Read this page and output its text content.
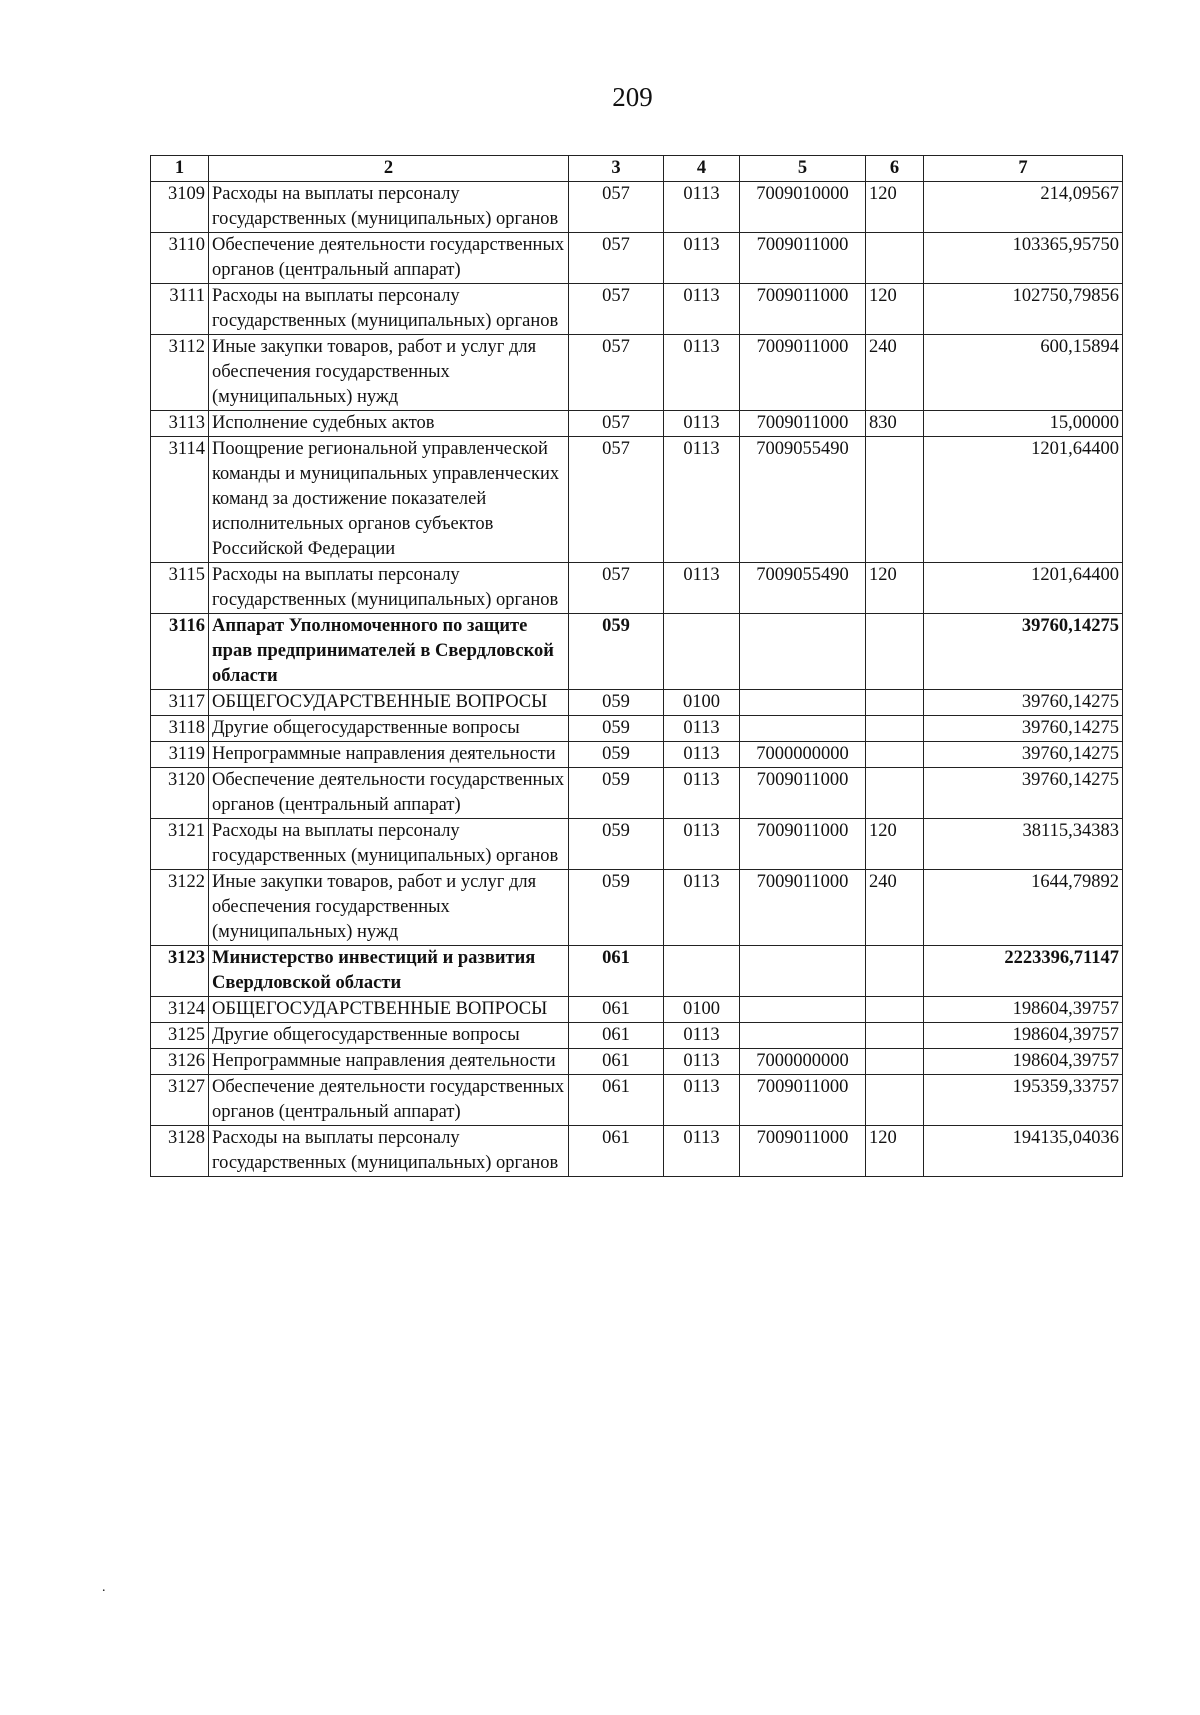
209
1	2	3	4	5	6	7
3109	Расходы на выплаты персоналу государственных (муниципальных) органов	057	0113	7009010000	120	214,09567
3110	Обеспечение деятельности государственных органов (центральный аппарат)	057	0113	7009011000		103365,95750
3111	Расходы на выплаты персоналу государственных (муниципальных) органов	057	0113	7009011000	120	102750,79856
3112	Иные закупки товаров, работ и услуг для обеспечения государственных (муниципальных) нужд	057	0113	7009011000	240	600,15894
3113	Исполнение судебных актов	057	0113	7009011000	830	15,00000
3114	Поощрение региональной управленческой команды и муниципальных управленческих команд за достижение показателей исполнительных органов субъектов Российской Федерации	057	0113	7009055490		1201,64400
3115	Расходы на выплаты персоналу государственных (муниципальных) органов	057	0113	7009055490	120	1201,64400
3116	Аппарат Уполномоченного по защите прав предпринимателей в Свердловской области	059				39760,14275
3117	ОБЩЕГОСУДАРСТВЕННЫЕ ВОПРОСЫ	059	0100			39760,14275
3118	Другие общегосударственные вопросы	059	0113			39760,14275
3119	Непрограммные направления деятельности	059	0113	7000000000		39760,14275
3120	Обеспечение деятельности государственных органов (центральный аппарат)	059	0113	7009011000		39760,14275
3121	Расходы на выплаты персоналу государственных (муниципальных) органов	059	0113	7009011000	120	38115,34383
3122	Иные закупки товаров, работ и услуг для обеспечения государственных (муниципальных) нужд	059	0113	7009011000	240	1644,79892
3123	Министерство инвестиций и развития Свердловской области	061				2223396,71147
3124	ОБЩЕГОСУДАРСТВЕННЫЕ ВОПРОСЫ	061	0100			198604,39757
3125	Другие общегосударственные вопросы	061	0113			198604,39757
3126	Непрограммные направления деятельности	061	0113	7000000000		198604,39757
3127	Обеспечение деятельности государственных органов (центральный аппарат)	061	0113	7009011000		195359,33757
3128	Расходы на выплаты персоналу государственных (муниципальных) органов	061	0113	7009011000	120	194135,04036
.
